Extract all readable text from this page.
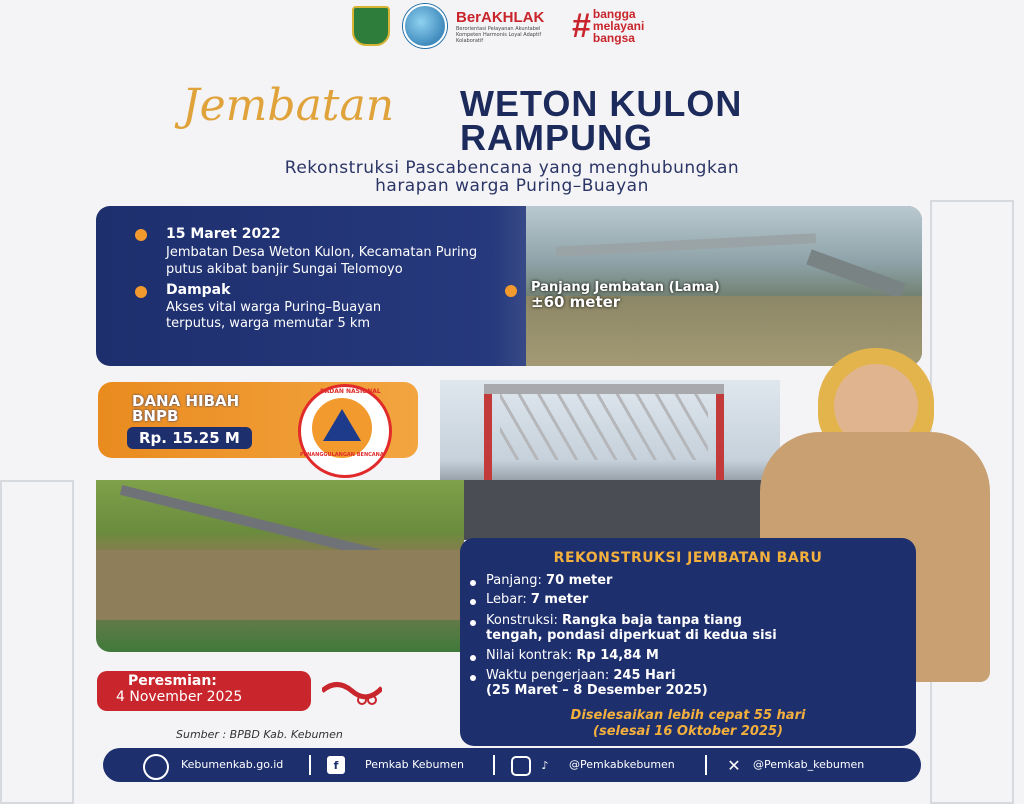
BerAKHLAK
Berorientasi Pelayanan Akuntabel Kompeten Harmonis Loyal Adaptif Kolaboratif	# bangga
melayani
bangsa
Jembatan WETON KULON
RAMPUNG
Rekonstruksi Pascabencana yang menghubungkan
harapan warga Puring–Buayan
15 Maret 2022
Jembatan Desa Weton Kulon, Kecamatan Puring
putus akibat banjir Sungai Telomoyo
Dampak
Akses vital warga Puring–Buayan
terputus, warga memutar 5 km
Panjang Jembatan (Lama)
±60 meter
DANA HIBAH
BNPB
Rp. 15.25 M
BADAN NASIONAL
PENANGGULANGAN BENCANA
REKONSTRUKSI JEMBATAN BARU
Panjang: 70 meter
Lebar: 7 meter
Konstruksi: Rangka baja tanpa tiang
tengah, pondasi diperkuat di kedua sisi
Nilai kontrak: Rp 14,84 M
Waktu pengerjaan: 245 Hari
(25 Maret – 8 Desember 2025)
Diselesaikan lebih cepat 55 hari
(selesai 16 Oktober 2025)
Peresmian:
4 November 2025
Sumber : BPBD Kab. Kebumen
Kebumenkab.go.id	f	Pemkab Kebumen	♪	@Pemkabkebumen	✕ @Pemkab_kebumen
